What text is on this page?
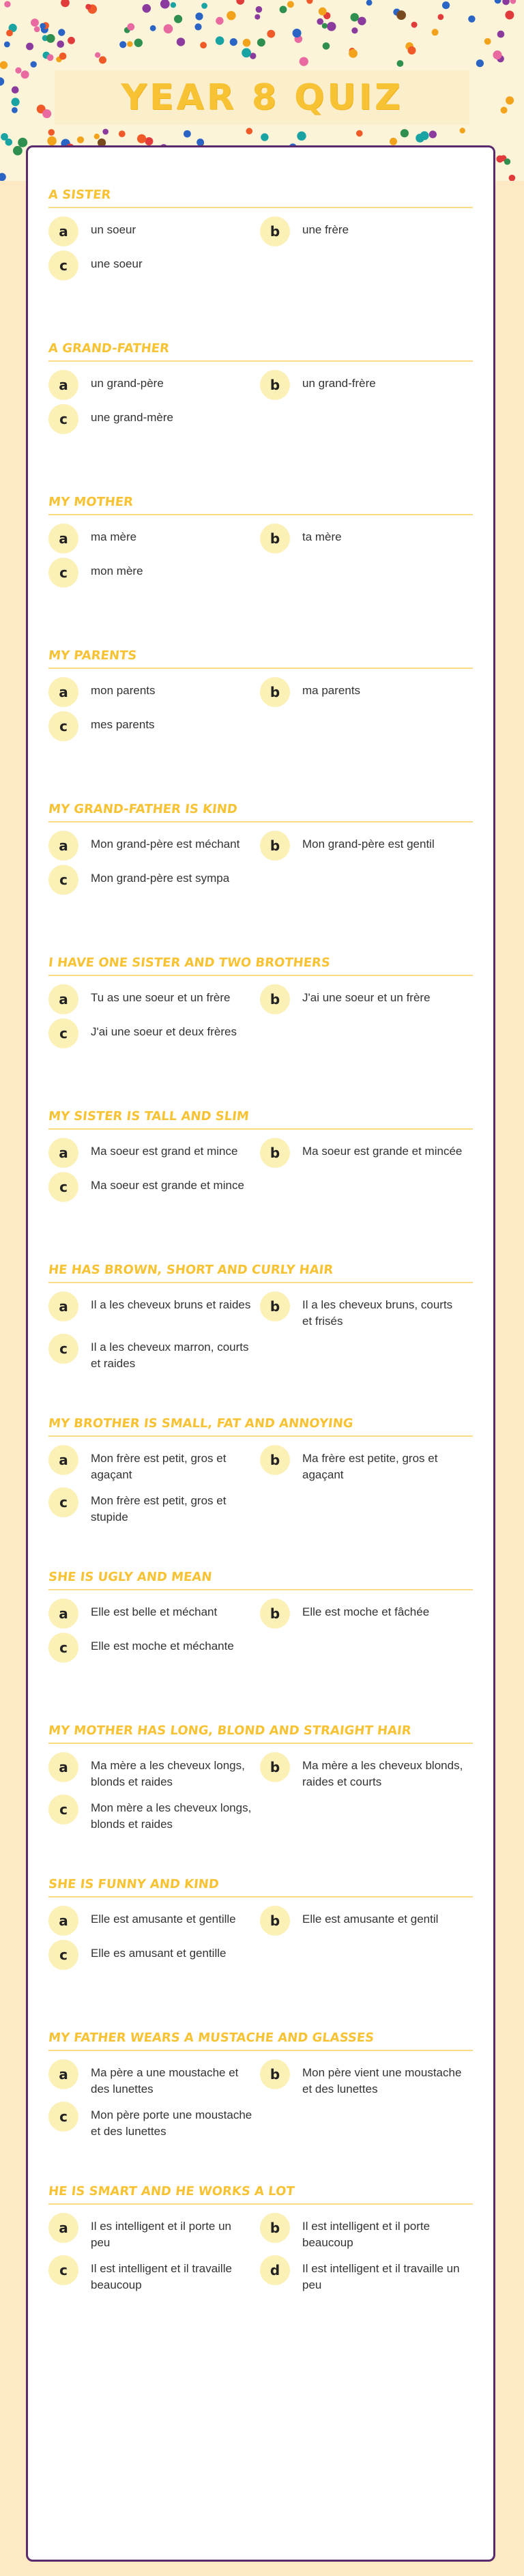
YEAR 8 QUIZ
A SISTER
a	un soeur	b	une frère
c	une soeur
A GRAND-FATHER
a	un grand-père	b	un grand-frère
c	une grand-mère
MY MOTHER
a	ma mère	b	ta mère
c	mon mère
MY PARENTS
a	mon parents	b	ma parents
c	mes parents
MY GRAND-FATHER IS KIND
a	Mon grand-père est méchant	b	Mon grand-père est gentil
c	Mon grand-père est sympa
I HAVE ONE SISTER AND TWO BROTHERS
a	Tu as une soeur et un frère	b	J'ai une soeur et un frère
c	J'ai une soeur et deux frères
MY SISTER IS TALL AND SLIM
a	Ma soeur est grand et mince	b	Ma soeur est grande et mincée
c	Ma soeur est grande et mince
HE HAS BROWN, SHORT AND CURLY HAIR
a	Il a les cheveux bruns et raides	b	Il a les cheveux bruns, courts et frisés
c	Il a les cheveux marron, courts et raides
MY BROTHER IS SMALL, FAT AND ANNOYING
a	Mon frère est petit, gros et agaçant
b	Ma frère est petite, gros et agaçant
c	Mon frère est petit, gros et stupide
SHE IS UGLY AND MEAN
a	Elle est belle et méchant	b	Elle est moche et fâchée
c	Elle est moche et méchante
MY MOTHER HAS LONG, BLOND AND STRAIGHT HAIR
a	Ma mère a les cheveux longs, blonds et raides
b	Ma mère a les cheveux blonds, raides et courts
c	Mon mère a les cheveux longs, blonds et raides
SHE IS FUNNY AND KIND
a	Elle est amusante et gentille	b	Elle est amusante et gentil
c	Elle es amusant et gentille
MY FATHER WEARS A MUSTACHE AND GLASSES
a	Ma père a une moustache et des lunettes
b	Mon père vient une moustache et des lunettes
c	Mon père porte une moustache et des lunettes
HE IS SMART AND HE WORKS A LOT
a	Il es intelligent et il porte un peu
b	Il est intelligent et il porte beaucoup
c	Il est intelligent et il travaille beaucoup
d	Il est intelligent et il travaille un peu
